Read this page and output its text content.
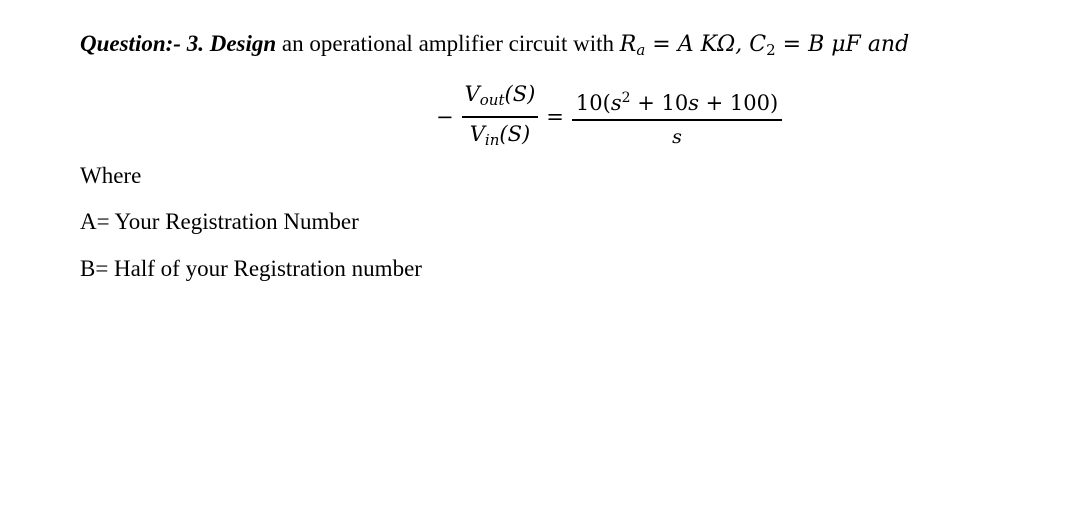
Question:- 3. Design an operational amplifier circuit with $R_a = A$ KΩ, $C_2 = B$ μF and
− $\frac{V_{out}(S)}{V_{in}(S)} = \frac{10(s^2 + 10s + 100)}{s}$
Where
A= Your Registration Number
B= Half of your Registration number
